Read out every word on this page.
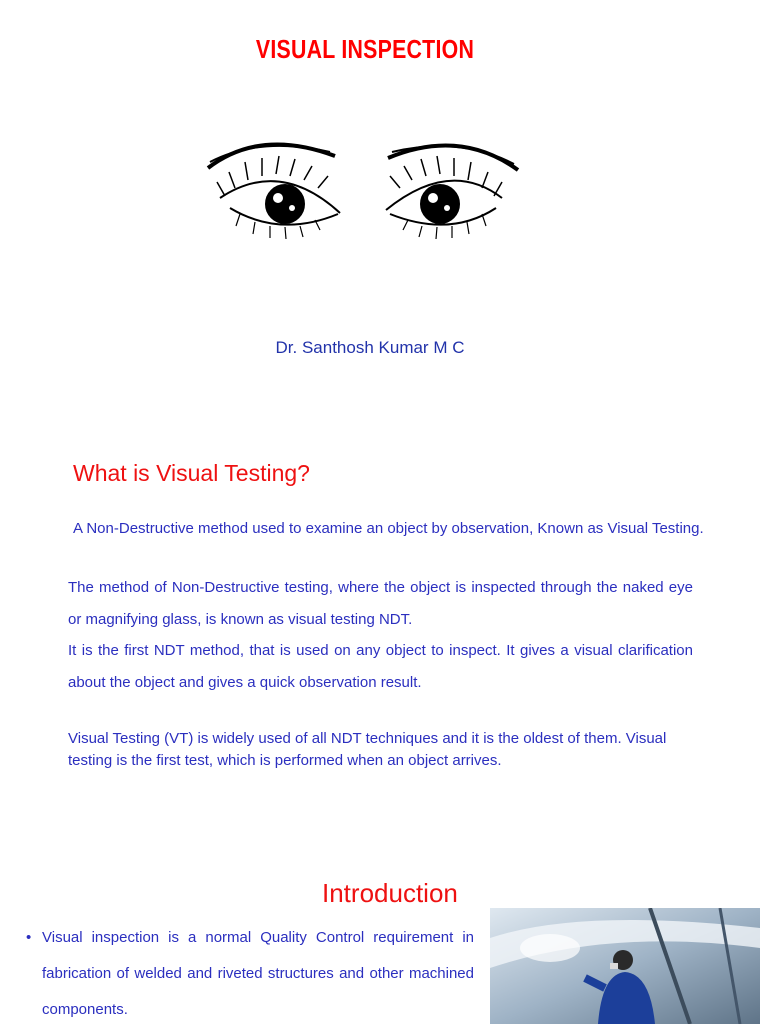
VISUAL INSPECTION
Dr. Santhosh Kumar M C
What is Visual Testing?
A Non-Destructive method used to examine an object by observation, Known as Visual Testing.
The method of Non-Destructive testing, where the object is inspected through the naked eye or magnifying glass, is known as visual testing NDT.
It is the first NDT method, that is used on any object to inspect. It gives a visual clarification about the object and gives a quick observation result.
Visual Testing (VT) is widely used of all NDT techniques and it is the oldest of them. Visual testing is the first test, which is performed when an object arrives.
Introduction
• Visual inspection is a normal Quality Control requirement in fabrication of welded and riveted structures and other machined components.
